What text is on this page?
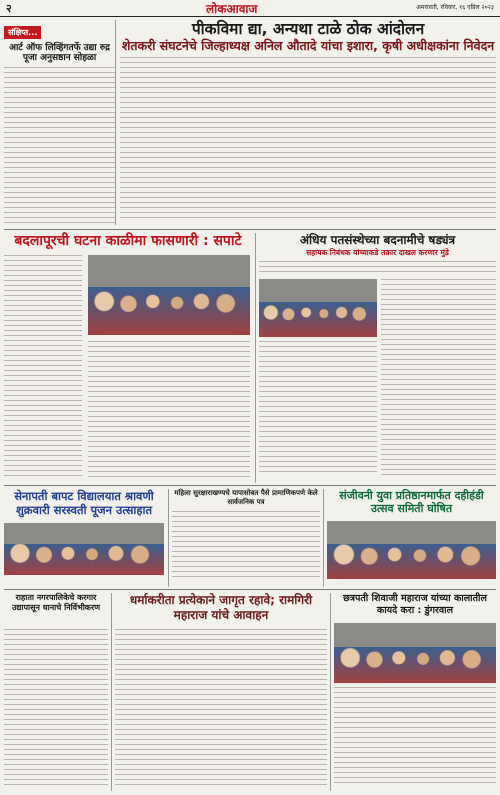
२	लोकआवाज	अमरावती, रविवार, १६ एप्रिल २०२३
संक्षिप्त...
आर्ट ऑफ लिव्हिंगतर्फे उद्या रुद्र पूजा अनुसष्ठान सोहळा
पीकविमा द्या, अन्यथा टाळे ठोक आंदोलन
शेतकरी संघटनेचे जिल्हाध्यक्ष अनिल औतादे यांचा इशारा, कृषी अधीक्षकांना निवेदन
बदलापूरची घटना काळीमा फासणारी : सपाटे	अंधिय पतसंस्थेच्या बदनामीचे षड्यंत्र
सहायक निबंधक यांच्याकडे तक्रार दाखल करणार मुंडे
सेनापती बापट विद्यालयात श्रावणी शुक्रवारी सरस्वती पूजन उत्साहात
महिला सुरक्षाराखण्यचे यापासोबत पैसे प्रामाणिकपणे केले सार्वजनिक पत्र	संजीवनी युवा प्रतिष्ठानमार्फत दहीहंडी उत्सव समिती घोषित
राहाता नगरपालिकेचे करगार उद्यापासून धानाचे निर्विभीकरण
धर्माकरीता प्रत्येकाने जागृत रहावे; रामगिरी महाराज यांचे आवाहन
छत्रपती शिवाजी महाराज यांच्या कालातील कायदे करा : डुंगरवाल
